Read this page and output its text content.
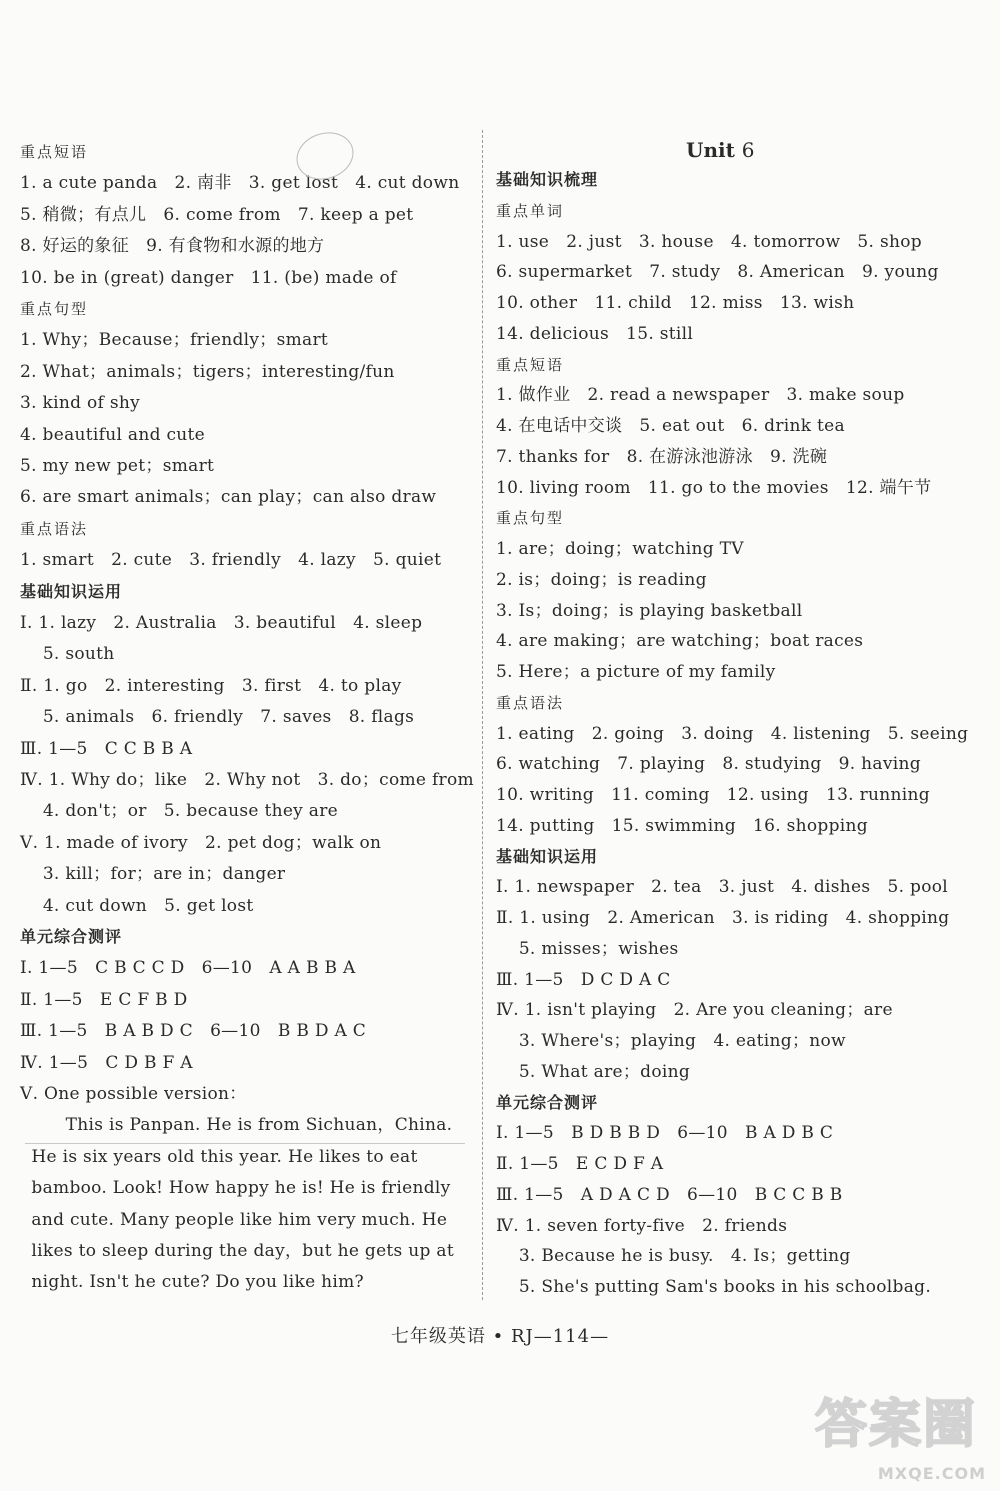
重点短语
1. a cute panda   2. 南非   3. get lost   4. cut down
5. 稍微；有点儿   6. come from   7. keep a pet
8. 好运的象征   9. 有食物和水源的地方
10. be in (great) danger   11. (be) made of
重点句型
1. Why；Because；friendly；smart
2. What；animals；tigers；interesting/fun
3. kind of shy
4. beautiful and cute
5. my new pet；smart
6. are smart animals；can play；can also draw
重点语法
1. smart   2. cute   3. friendly   4. lazy   5. quiet
基础知识运用
Ⅰ. 1. lazy   2. Australia   3. beautiful   4. sleep
5. south
Ⅱ. 1. go   2. interesting   3. first   4. to play
5. animals   6. friendly   7. saves   8. flags
Ⅲ. 1—5   C C B B A
Ⅳ. 1. Why do；like   2. Why not   3. do；come from
4. don't；or   5. because they are
Ⅴ. 1. made of ivory   2. pet dog；walk on
3. kill；for；are in；danger
4. cut down   5. get lost
单元综合测评
Ⅰ. 1—5   C B C C D   6—10   A A B B A
Ⅱ. 1—5   E C F B D
Ⅲ. 1—5   B A B D C   6—10   B B D A C
Ⅳ. 1—5   C D B F A
Ⅴ. One possible version：
This is Panpan. He is from Sichuan，China.
He is six years old this year. He likes to eat
bamboo. Look! How happy he is! He is friendly
and cute. Many people like him very much. He
likes to sleep during the day，but he gets up at
night. Isn't he cute? Do you like him?
Unit 6
基础知识梳理
重点单词
1. use   2. just   3. house   4. tomorrow   5. shop
6. supermarket   7. study   8. American   9. young
10. other   11. child   12. miss   13. wish
14. delicious   15. still
重点短语
1. 做作业   2. read a newspaper   3. make soup
4. 在电话中交谈   5. eat out   6. drink tea
7. thanks for   8. 在游泳池游泳   9. 洗碗
10. living room   11. go to the movies   12. 端午节
重点句型
1. are；doing；watching TV
2. is；doing；is reading
3. Is；doing；is playing basketball
4. are making；are watching；boat races
5. Here；a picture of my family
重点语法
1. eating   2. going   3. doing   4. listening   5. seeing
6. watching   7. playing   8. studying   9. having
10. writing   11. coming   12. using   13. running
14. putting   15. swimming   16. shopping
基础知识运用
Ⅰ. 1. newspaper   2. tea   3. just   4. dishes   5. pool
Ⅱ. 1. using   2. American   3. is riding   4. shopping
5. misses；wishes
Ⅲ. 1—5   D C D A C
Ⅳ. 1. isn't playing   2. Are you cleaning；are
3. Where's；playing   4. eating；now
5. What are；doing
单元综合测评
Ⅰ. 1—5   B D B B D   6—10   B A D B C
Ⅱ. 1—5   E C D F A
Ⅲ. 1—5   A D A C D   6—10   B C C B B
Ⅳ. 1. seven forty-five   2. friends
3. Because he is busy.   4. Is；getting
5. She's putting Sam's books in his schoolbag.
七年级英语 • RJ—114—
答案圈
MXQE.COM
